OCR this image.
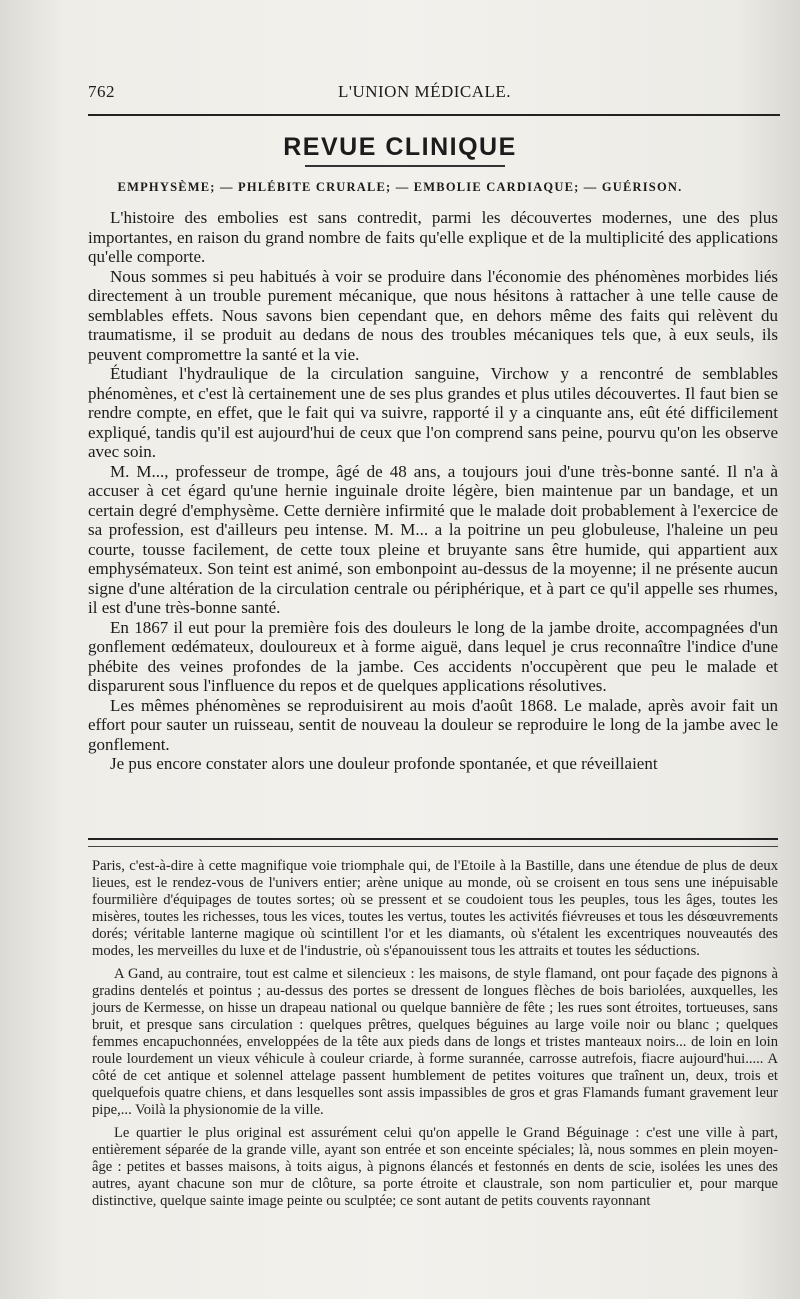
762	L'UNION MÉDICALE.
REVUE CLINIQUE
EMPHYSÈME; — PHLÉBITE CRURALE; — EMBOLIE CARDIAQUE; — GUÉRISON.

L'histoire des embolies est sans contredit, parmi les découvertes modernes, une des plus importantes, en raison du grand nombre de faits qu'elle explique et de la multiplicité des applications qu'elle comporte.

Nous sommes si peu habitués à voir se produire dans l'économie des phénomènes morbides liés directement à un trouble purement mécanique, que nous hésitons à rattacher à une telle cause de semblables effets. Nous savons bien cependant que, en dehors même des faits qui relèvent du traumatisme, il se produit au dedans de nous des troubles mécaniques tels que, à eux seuls, ils peuvent compromettre la santé et la vie.

Étudiant l'hydraulique de la circulation sanguine, Virchow y a rencontré de semblables phénomènes, et c'est là certainement une de ses plus grandes et plus utiles découvertes. Il faut bien se rendre compte, en effet, que le fait qui va suivre, rapporté il y a cinquante ans, eût été difficilement expliqué, tandis qu'il est aujourd'hui de ceux que l'on comprend sans peine, pourvu qu'on les observe avec soin.

M. M..., professeur de trompe, âgé de 48 ans, a toujours joui d'une très-bonne santé. Il n'a à accuser à cet égard qu'une hernie inguinale droite légère, bien maintenue par un bandage, et un certain degré d'emphysème. Cette dernière infirmité que le malade doit probablement à l'exercice de sa profession, est d'ailleurs peu intense. M. M... a la poitrine un peu globuleuse, l'haleine un peu courte, tousse facilement, de cette toux pleine et bruyante sans être humide, qui appartient aux emphysémateux. Son teint est animé, son embonpoint au-dessus de la moyenne; il ne présente aucun signe d'une altération de la circulation centrale ou périphérique, et à part ce qu'il appelle ses rhumes, il est d'une très-bonne santé.

En 1867 il eut pour la première fois des douleurs le long de la jambe droite, accompagnées d'un gonflement œdémateux, douloureux et à forme aiguë, dans lequel je crus reconnaître l'indice d'une phébite des veines profondes de la jambe. Ces accidents n'occupèrent que peu le malade et disparurent sous l'influence du repos et de quelques applications résolutives.

Les mêmes phénomènes se reproduisirent au mois d'août 1868. Le malade, après avoir fait un effort pour sauter un ruisseau, sentit de nouveau la douleur se reproduire le long de la jambe avec le gonflement.

Je pus encore constater alors une douleur profonde spontanée, et que réveillaient

Paris, c'est-à-dire à cette magnifique voie triomphale qui, de l'Etoile à la Bastille, dans une étendue de plus de deux lieues, est le rendez-vous de l'univers entier; arène unique au monde, où se croisent en tous sens une inépuisable fourmilière d'équipages de toutes sortes; où se pressent et se coudoient tous les peuples, tous les âges, toutes les misères, toutes les richesses, tous les vices, toutes les vertus, toutes les activités fiévreuses et tous les désœuvrements dorés; véritable lanterne magique où scintillent l'or et les diamants, où s'étalent les excentriques nouveautés des modes, les merveilles du luxe et de l'industrie, où s'épanouissent tous les attraits et toutes les séductions.

A Gand, au contraire, tout est calme et silencieux : les maisons, de style flamand, ont pour façade des pignons à gradins dentelés et pointus ; au-dessus des portes se dressent de longues flèches de bois bariolées, auxquelles, les jours de Kermesse, on hisse un drapeau national ou quelque bannière de fête ; les rues sont étroites, tortueuses, sans bruit, et presque sans circulation : quelques prêtres, quelques béguines au large voile noir ou blanc ; quelques femmes encapuchonnées, enveloppées de la tête aux pieds dans de longs et tristes manteaux noirs... de loin en loin roule lourdement un vieux véhicule à couleur criarde, à forme surannée, carrosse autrefois, fiacre aujourd'hui..... A côté de cet antique et solennel attelage passent humblement de petites voitures que traînent un, deux, trois et quelquefois quatre chiens, et dans lesquelles sont assis impassibles de gros et gras Flamands fumant gravement leur pipe,... Voilà la physionomie de la ville.

Le quartier le plus original est assurément celui qu'on appelle le Grand Béguinage : c'est une ville à part, entièrement séparée de la grande ville, ayant son entrée et son enceinte spéciales; là, nous sommes en plein moyen-âge : petites et basses maisons, à toits aigus, à pignons élancés et festonnés en dents de scie, isolées les unes des autres, ayant chacune son mur de clôture, sa porte étroite et claustrale, son nom particulier et, pour marque distinctive, quelque sainte image peinte ou sculptée; ce sont autant de petits couvents rayonnant
